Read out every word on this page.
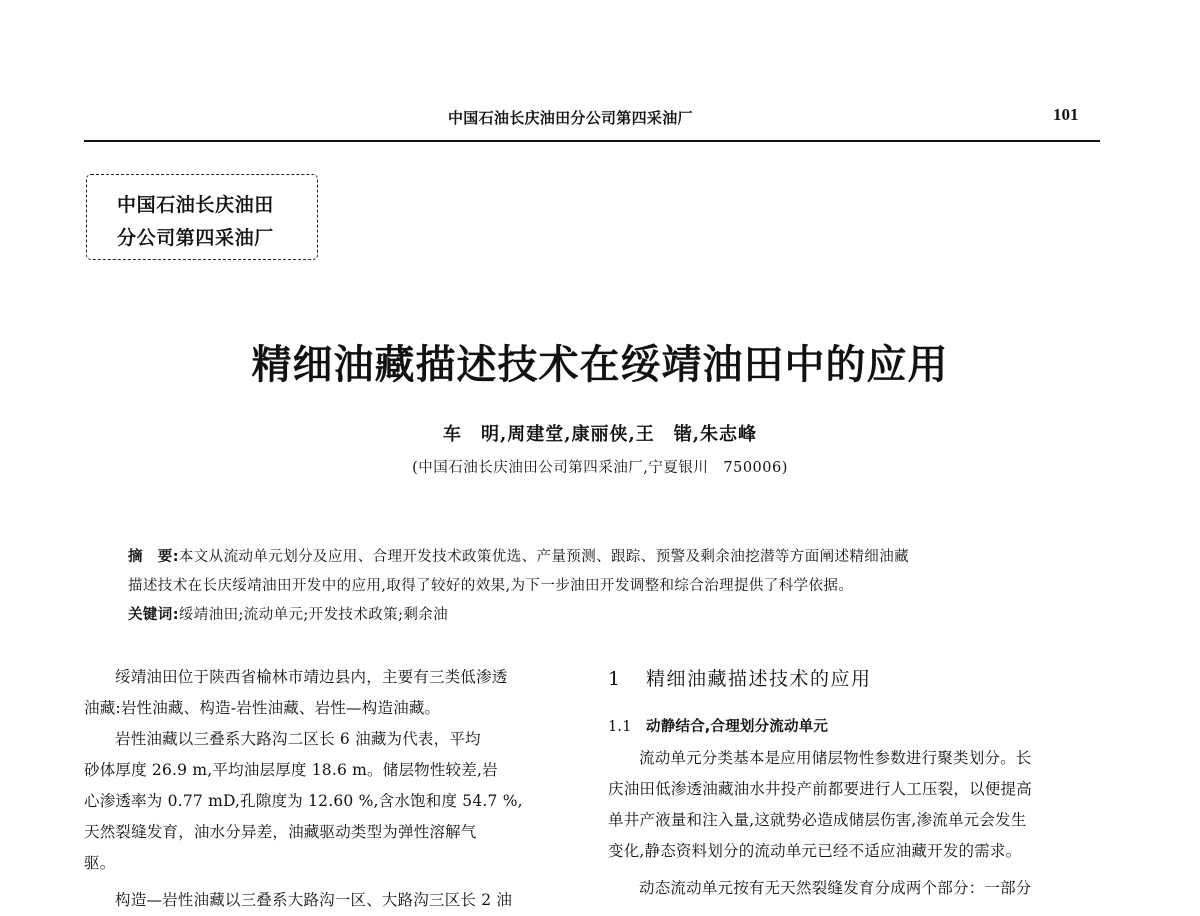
中国石油长庆油田分公司第四采油厂	101
中国石油长庆油田
分公司第四采油厂
精细油藏描述技术在绥靖油田中的应用
车　明,周建堂,康丽侠,王　锴,朱志峰
(中国石油长庆油田公司第四采油厂,宁夏银川　750006)

摘　要:本文从流动单元划分及应用、合理开发技术政策优选、产量预测、跟踪、预警及剩余油挖潜等方面阐述精细油藏

描述技术在长庆绥靖油田开发中的应用,取得了较好的效果,为下一步油田开发调整和综合治理提供了科学依据。

关键词:绥靖油田;流动单元;开发技术政策;剩余油

绥靖油田位于陕西省榆林市靖边县内，主要有三类低渗透

油藏:岩性油藏、构造-岩性油藏、岩性—构造油藏。

岩性油藏以三叠系大路沟二区长 6 油藏为代表，平均

砂体厚度 26.9 m,平均油层厚度 18.6 m。储层物性较差,岩

心渗透率为 0.77 mD,孔隙度为 12.60 %,含水饱和度 54.7 %,

天然裂缝发育，油水分异差，油藏驱动类型为弹性溶解气

驱。

构造—岩性油藏以三叠系大路沟一区、大路沟三区长 2 油

1 精细油藏描述技术的应用

1.1 动静结合,合理划分流动单元

流动单元分类基本是应用储层物性参数进行聚类划分。长

庆油田低渗透油藏油水井投产前都要进行人工压裂，以便提高

单井产液量和注入量,这就势必造成储层伤害,渗流单元会发生

变化,静态资料划分的流动单元已经不适应油藏开发的需求。

动态流动单元按有无天然裂缝发育分成两个部分：一部分
